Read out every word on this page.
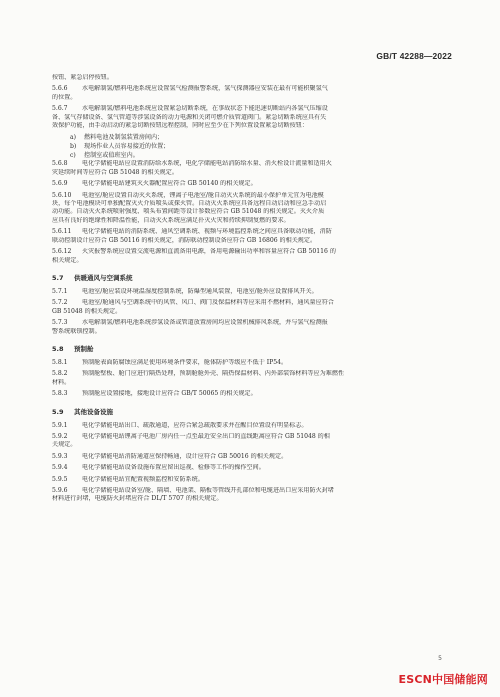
GB/T 42288—2022
按钮、紧急启停按钮。
5.6.6 水电解制氢/燃料电池系统应设置氢气检测报警系统，氢气探测器应安装在最有可能积聚氢气
的位置。
5.6.7 水电解制氢/燃料电池系统应设置紧急切断系统，在事故状态下能迅速切断站内各氢气压缩设
备、氢气存储设备、氢气管道等涉氢设备的动力电源和关闭可燃介质管道阀门。紧急切断系统应具有失
效保护功能，由手动启动的紧急切断按钮远程控制，同时应至少在下列位置设置紧急切断按钮：
a) 燃料电池及制氢装置房间内；
b) 现场作业人员容易接近的位置；
c) 控制室或值班室内。
5.6.8 电化学储能电站应设置消防给水系统，电化学储能电站消防给水量、消火栓设计流量和适用火
灾延续时间等应符合 GB 51048 的相关规定。
5.6.9 电化学储能电站建筑灭火器配置应符合 GB 50140 的相关规定。
5.6.10 电池室/舱应设置自动灭火系统，锂离子电池室/舱自动灭火系统的最小保护单元宜为电池模
块，每个电池模块可单独配置灭火介质喷头或探火管。自动灭火系统应具备远程自动启动和应急手动启
动功能。自动灭火系统喷射强度、喷头布置间距等设计参数应符合 GB 51048 的相关规定。灭火介质
应具有良好的绝缘性和降温性能，自动灭火系统应满足扑灭火灾和持续抑制复燃的要求。
5.6.11 电化学储能电站的消防系统、通风空调系统、视频与环境监控系统之间应具备联动功能，消防
联动控制设计应符合 GB 50116 的相关规定，消防联动控制设备应符合 GB 16806 的相关规定。
5.6.12 火灾报警系统应设置交流电源和直流备用电源，备用电源输出功率和容量应符合 GB 50116 的
相关规定。
5.7 供暖通风与空调系统
5.7.1 电池室/舱应装设环境温湿度控制系统，防爆型通风装置，电池室/舱外应设置排风开关。
5.7.2 电池室/舱通风与空调系统中的风管、风口、阀门及保温材料等应采用不燃材料，通风量应符合
GB 51048 的相关规定。
5.7.3 水电解制氢/燃料电池系统涉氢设备或管道放置房间均应设置机械排风系统，并与氢气检测报
警系统联锁控制。
5.8 预制舱
5.8.1 预制舱表面防腐蚀应满足使用环境条件要求，舱体防护等级应不低于 IP54。
5.8.2 预制舱壁板、舱门应进行隔热处理，预制舱舱外壳、隔热保温材料、内外部装饰材料等应为难燃性
材料。
5.8.3 预制舱应设置接地，接地设计应符合 GB/T 50065 的相关规定。
5.9 其他设备设施
5.9.1 电化学储能电站出口、疏散通道，应符合紧急疏散要求并在醒目位置设有明显标志。
5.9.2 电化学储能电站锂离子电池厂房内任一点至最近安全出口的直线距离应符合 GB 51048 的相
关规定。
5.9.3 电化学储能电站消防通道应保持畅通，设计应符合 GB 50016 的相关规定。
5.9.4 电化学储能电站设备设施布置应留出巡视、检修等工作的操作空间。
5.9.5 电化学储能电站宜配置视频监控和安防系统。
5.9.6 电化学储能电站设备室/舱、隔墙、电池架、隔板等管线开孔部位和电缆进出口应采用防火封堵
材料进行封堵，电缆防火封堵应符合 DL/T 5707 的相关规定。
5
ESCN中国储能网
